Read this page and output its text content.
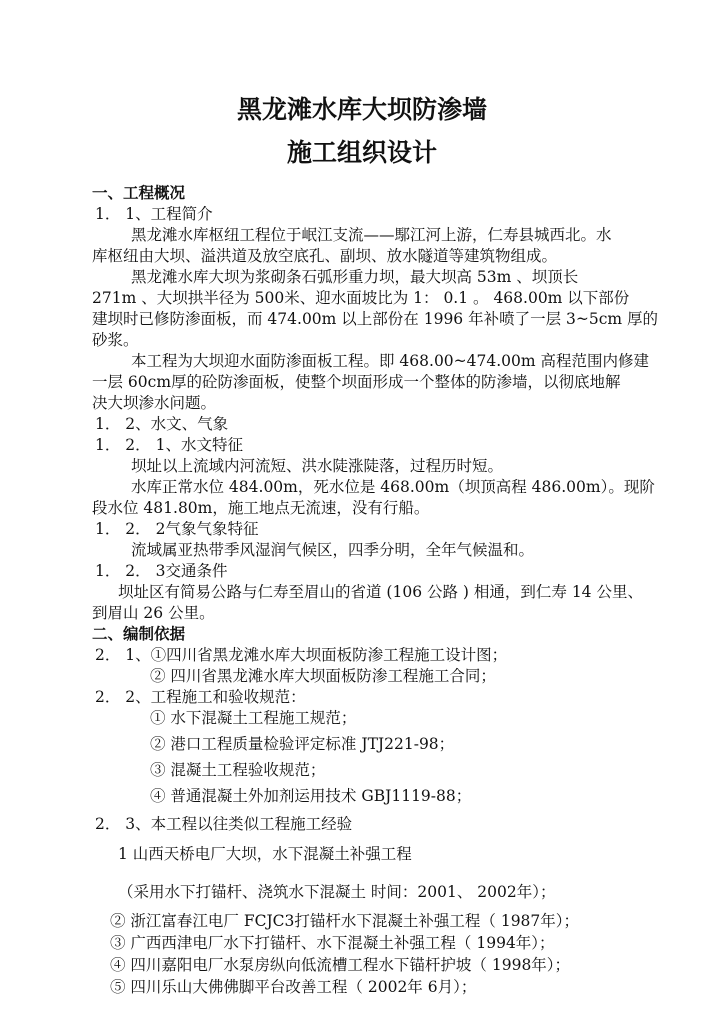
黑龙滩水库大坝防渗墙
施工组织设计
一、工程概况
1． 1、工程简介
黑龙滩水库枢纽工程位于岷江支流——䣕江河上游，仁寿县城西北。水
库枢纽由大坝、溢洪道及放空底孔、副坝、放水隧道等建筑物组成。
黑龙滩水库大坝为浆砌条石弧形重力坝，最大坝高 53m 、坝顶长
271m 、大坝拱半径为 500米、迎水面坡比为 1： 0.1 。 468.00m 以下部份
建坝时已修防渗面板，而 474.00m 以上部份在 1996 年补喷了一层 3~5cm 厚的
砂浆。
本工程为大坝迎水面防渗面板工程。即 468.00~474.00m 高程范围内修建
一层 60cm厚的砼防渗面板，使整个坝面形成一个整体的防渗墙，以彻底地解
决大坝渗水问题。
1． 2、水文、气象
1． 2． 1、水文特征
坝址以上流域内河流短、洪水陡涨陡落，过程历时短。
水库正常水位 484.00m，死水位是 468.00m（坝顶高程 486.00m）。现阶
段水位 481.80m，施工地点无流速，没有行船。
1． 2． 2气象气象特征
流域属亚热带季风湿润气候区，四季分明，全年气候温和。
1． 2． 3交通条件
坝址区有简易公路与仁寿至眉山的省道 (106 公路 ) 相通，到仁寿 14 公里、
到眉山 26 公里。
二、编制依据
2． 1、①四川省黑龙滩水库大坝面板防渗工程施工设计图；
② 四川省黑龙滩水库大坝面板防渗工程施工合同；
2． 2、工程施工和验收规范：
① 水下混凝土工程施工规范；
② 港口工程质量检验评定标准 JTJ221-98；
③ 混凝土工程验收规范；
④ 普通混凝土外加剂运用技术 GBJ1119-88；
2． 3、本工程以往类似工程施工经验
1 山西天桥电厂大坝，水下混凝土补强工程
（采用水下打锚杆、浇筑水下混凝土 时间：2001、 2002年）；
② 浙江富春江电厂 FCJC3打锚杆水下混凝土补强工程（ 1987年）；
③ 广西西津电厂水下打锚杆、水下混凝土补强工程（ 1994年）；
④ 四川嘉阳电厂水泵房纵向低流槽工程水下锚杆护坡（ 1998年）；
⑤ 四川乐山大佛佛脚平台改善工程（ 2002年 6月）；
